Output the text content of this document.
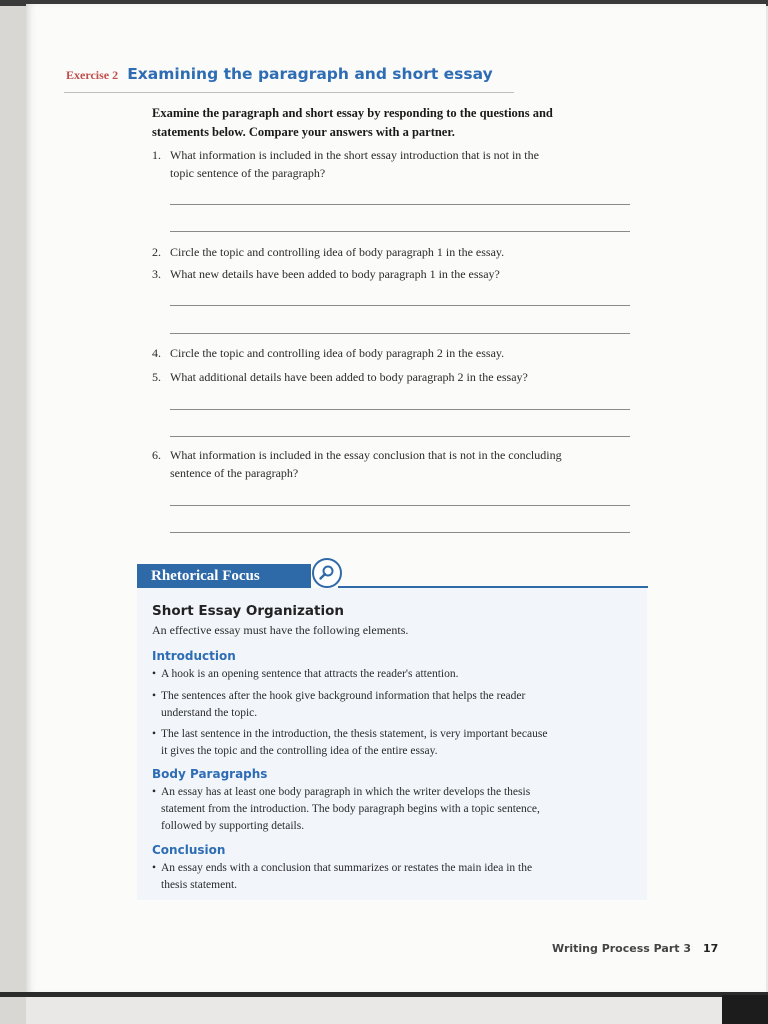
Exercise 2 Examining the paragraph and short essay
Examine the paragraph and short essay by responding to the questions and
statements below. Compare your answers with a partner.
1. What information is included in the short essay introduction that is not in the
topic sentence of the paragraph?
2. Circle the topic and controlling idea of body paragraph 1 in the essay.
3. What new details have been added to body paragraph 1 in the essay?
4. Circle the topic and controlling idea of body paragraph 2 in the essay.
5. What additional details have been added to body paragraph 2 in the essay?
6. What information is included in the essay conclusion that is not in the concluding
sentence of the paragraph?
Rhetorical Focus
Short Essay Organization
An effective essay must have the following elements.
Introduction
• A hook is an opening sentence that attracts the reader's attention.
• The sentences after the hook give background information that helps the reader
understand the topic.
• The last sentence in the introduction, the thesis statement, is very important because
it gives the topic and the controlling idea of the entire essay.
Body Paragraphs
• An essay has at least one body paragraph in which the writer develops the thesis
statement from the introduction. The body paragraph begins with a topic sentence,
followed by supporting details.
Conclusion
• An essay ends with a conclusion that summarizes or restates the main idea in the
thesis statement.
Writing Process Part 3 17
